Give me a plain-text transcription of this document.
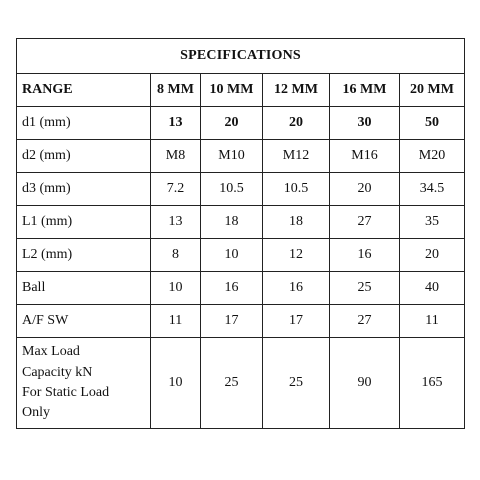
SPECIFICATIONS					
RANGE	8 MM	10 MM	12 MM	16 MM	20 MM
d1 (mm)	13	20	20	30	50
d2 (mm)	M8	M10	M12	M16	M20
d3 (mm)	7.2	10.5	10.5	20	34.5
L1 (mm)	13	18	18	27	35
L2 (mm)	8	10	12	16	20
Ball	10	16	16	25	40
A/F SW	11	17	17	27	11

Max Load
Capacity kN
For Static Load
Only	10	25	25	90	165
